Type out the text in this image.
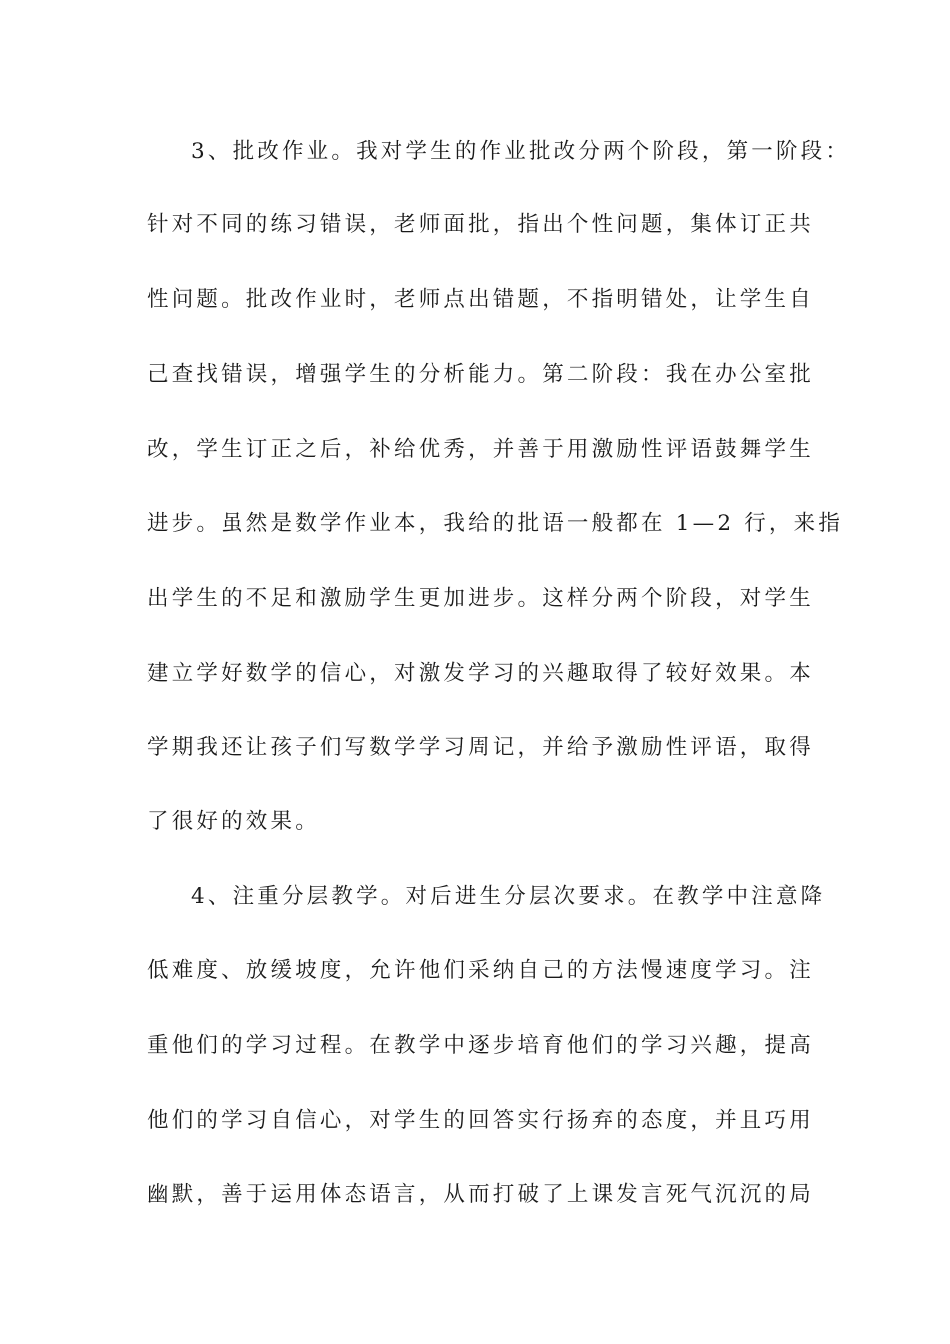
3、批改作业。我对学生的作业批改分两个阶段，第一阶段：
针对不同的练习错误，老师面批，指出个性问题，集体订正共
性问题。批改作业时，老师点出错题，不指明错处，让学生自
己查找错误，增强学生的分析能力。第二阶段：我在办公室批
改，学生订正之后，补给优秀，并善于用激励性评语鼓舞学生
进步。虽然是数学作业本，我给的批语一般都在 1—2 行，来指
出学生的不足和激励学生更加进步。这样分两个阶段，对学生
建立学好数学的信心，对激发学习的兴趣取得了较好效果。本
学期我还让孩子们写数学学习周记，并给予激励性评语，取得
了很好的效果。
4、注重分层教学。对后进生分层次要求。在教学中注意降
低难度、放缓坡度，允许他们采纳自己的方法慢速度学习。注
重他们的学习过程。在教学中逐步培育他们的学习兴趣，提高
他们的学习自信心，对学生的回答实行扬弃的态度，并且巧用
幽默，善于运用体态语言，从而打破了上课发言死气沉沉的局
